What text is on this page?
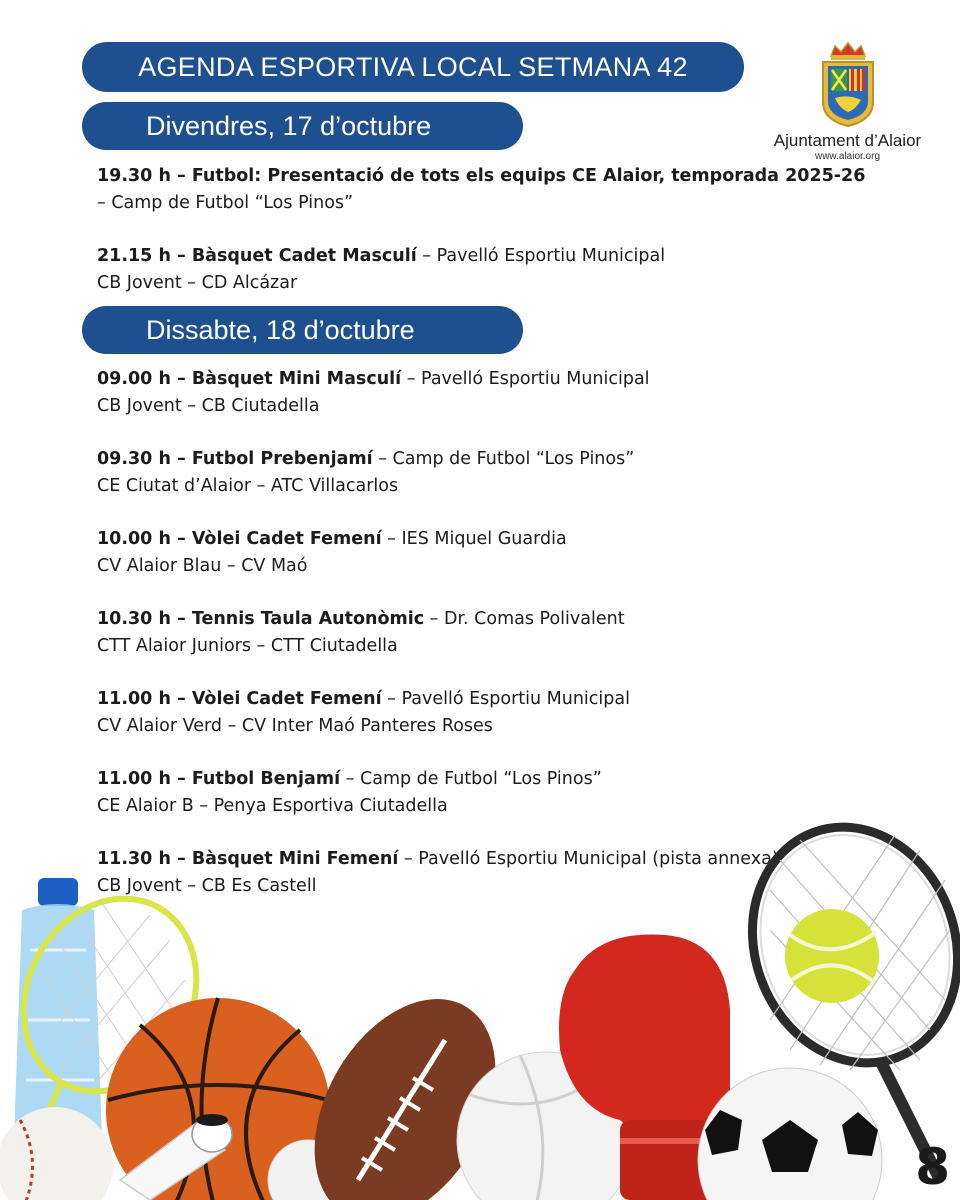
AGENDA ESPORTIVA LOCAL SETMANA 42
Divendres, 17 d’octubre
Dissabte, 18 d’octubre
Ajuntament d’Alaior
www.alaior.org
19.30 h – Futbol: Presentació de tots els equips CE Alaior, temporada 2025-26
– Camp de Futbol “Los Pinos”
21.15 h – Bàsquet Cadet Masculí – Pavelló Esportiu Municipal
CB Jovent – CD Alcázar
09.00 h – Bàsquet Mini Masculí – Pavelló Esportiu Municipal
CB Jovent – CB Ciutadella
09.30 h – Futbol Prebenjamí – Camp de Futbol “Los Pinos”
CE Ciutat d’Alaior – ATC Villacarlos
10.00 h – Vòlei Cadet Femení – IES Miquel Guardia
CV Alaior Blau – CV Maó
10.30 h – Tennis Taula Autonòmic – Dr. Comas Polivalent
CTT Alaior Juniors – CTT Ciutadella
11.00 h – Vòlei Cadet Femení – Pavelló Esportiu Municipal
CV Alaior Verd – CV Inter Maó Panteres Roses
11.00 h – Futbol Benjamí – Camp de Futbol “Los Pinos”
CE Alaior B – Penya Esportiva Ciutadella
11.30 h – Bàsquet Mini Femení – Pavelló Esportiu Municipal (pista annexa)
CB Jovent – CB Es Castell
8
